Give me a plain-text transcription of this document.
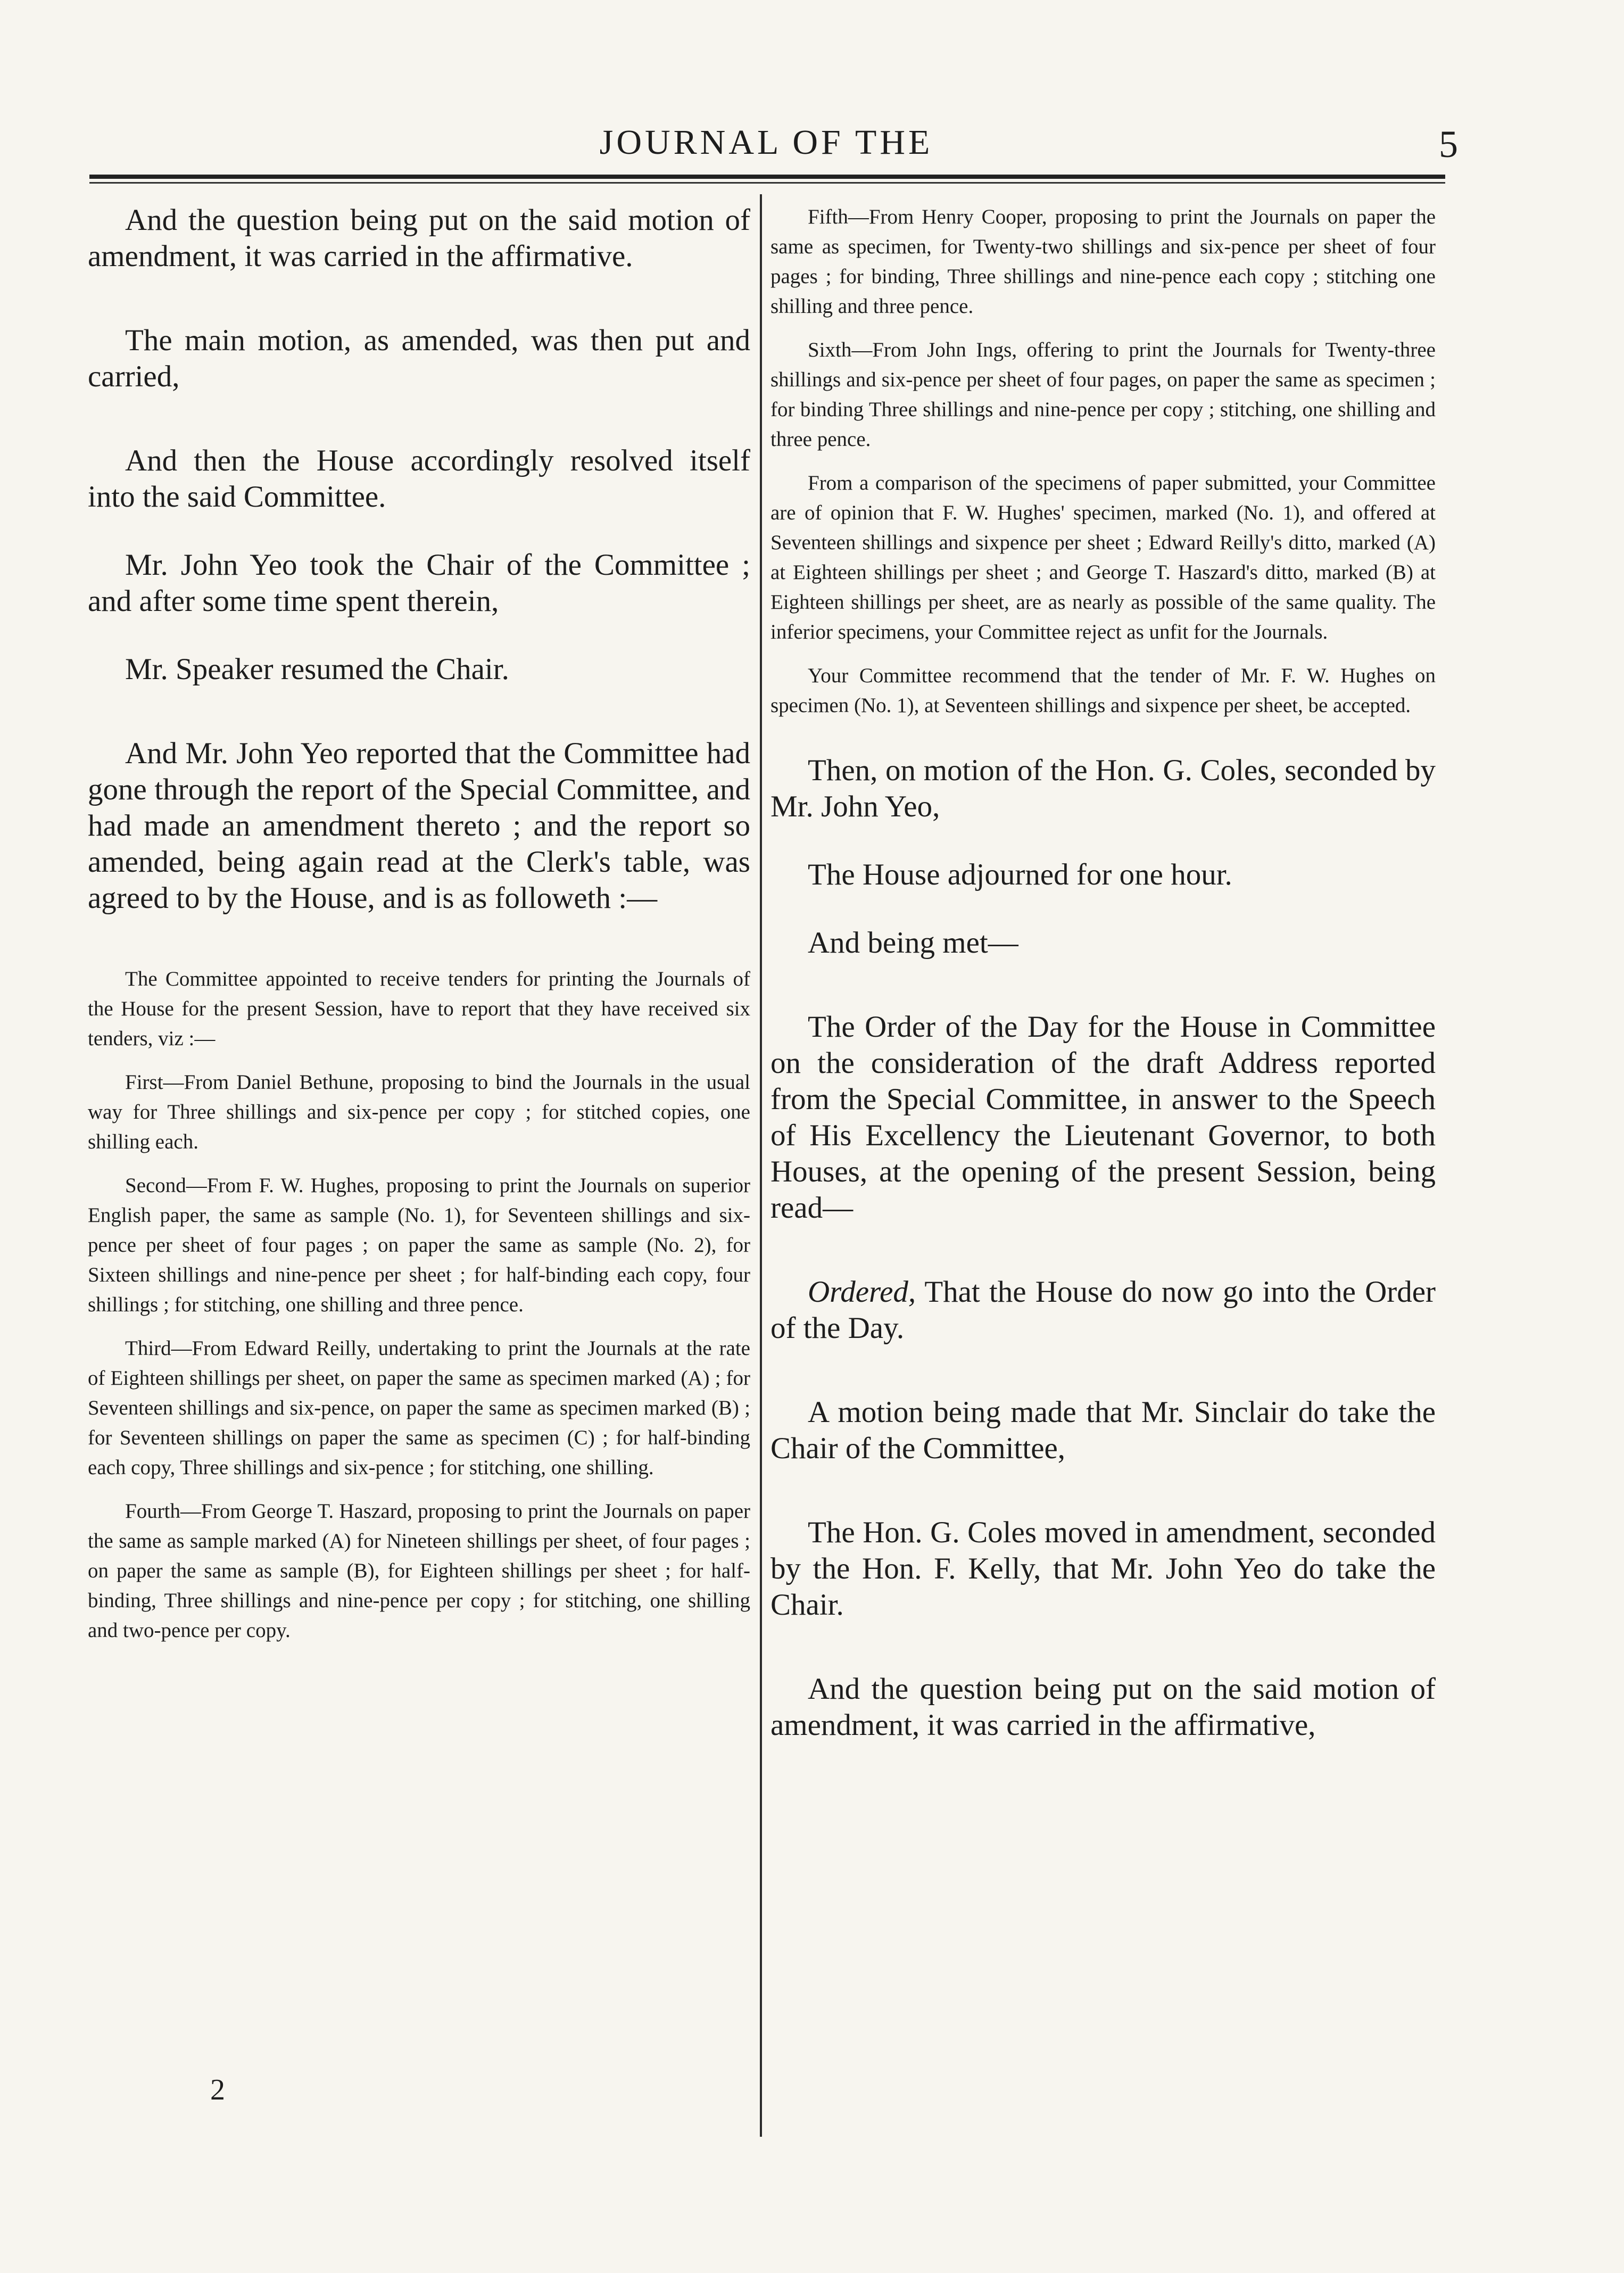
JOURNAL OF THE	5

And the question being put on the said motion of amendment, it was carried in the affirmative.

The main motion, as amended, was then put and carried,

And then the House accordingly resolved itself into the said Committee.

Mr. John Yeo took the Chair of the Committee ; and after some time spent therein,

Mr. Speaker resumed the Chair.

And Mr. John Yeo reported that the Committee had gone through the report of the Special Committee, and had made an amendment thereto ; and the report so amended, being again read at the Clerk's table, was agreed to by the House, and is as followeth :—

The Committee appointed to receive tenders for printing the Journals of the House for the present Session, have to report that they have received six tenders, viz :—

First—From Daniel Bethune, proposing to bind the Journals in the usual way for Three shillings and six-pence per copy ; for stitched copies, one shilling each.

Second—From F. W. Hughes, proposing to print the Journals on superior English paper, the same as sample (No. 1), for Seventeen shillings and six-pence per sheet of four pages ; on paper the same as sample (No. 2), for Sixteen shillings and nine-pence per sheet ; for half-binding each copy, four shillings ; for stitching, one shilling and three pence.

Third—From Edward Reilly, undertaking to print the Journals at the rate of Eighteen shillings per sheet, on paper the same as specimen marked (A) ; for Seventeen shillings and six-pence, on paper the same as specimen marked (B) ; for Seventeen shillings on paper the same as specimen (C) ; for half-binding each copy, Three shillings and six-pence ; for stitching, one shilling.

Fourth—From George T. Haszard, proposing to print the Journals on paper the same as sample marked (A) for Nineteen shillings per sheet, of four pages ; on paper the same as sample (B), for Eighteen shillings per sheet ; for half-binding, Three shillings and nine-pence per copy ; for stitching, one shilling and two-pence per copy.

2

Fifth—From Henry Cooper, proposing to print the Journals on paper the same as specimen, for Twenty-two shillings and six-pence per sheet of four pages ; for binding, Three shillings and nine-pence each copy ; stitching one shilling and three pence.

Sixth—From John Ings, offering to print the Journals for Twenty-three shillings and six-pence per sheet of four pages, on paper the same as specimen ; for binding Three shillings and nine-pence per copy ; stitching, one shilling and three pence.

From a comparison of the specimens of paper submitted, your Committee are of opinion that F. W. Hughes' specimen, marked (No. 1), and offered at Seventeen shillings and sixpence per sheet ; Edward Reilly's ditto, marked (A) at Eighteen shillings per sheet ; and George T. Haszard's ditto, marked (B) at Eighteen shillings per sheet, are as nearly as possible of the same quality. The inferior specimens, your Committee reject as unfit for the Journals.

Your Committee recommend that the tender of Mr. F. W. Hughes on specimen (No. 1), at Seventeen shillings and sixpence per sheet, be accepted.

Then, on motion of the Hon. G. Coles, seconded by Mr. John Yeo,

The House adjourned for one hour.

And being met—

The Order of the Day for the House in Committee on the consideration of the draft Address reported from the Special Committee, in answer to the Speech of His Excellency the Lieutenant Governor, to both Houses, at the opening of the present Session, being read—

Ordered, That the House do now go into the Order of the Day.

A motion being made that Mr. Sinclair do take the Chair of the Committee,

The Hon. G. Coles moved in amendment, seconded by the Hon. F. Kelly, that Mr. John Yeo do take the Chair.

And the question being put on the said motion of amendment, it was carried in the affirmative,
